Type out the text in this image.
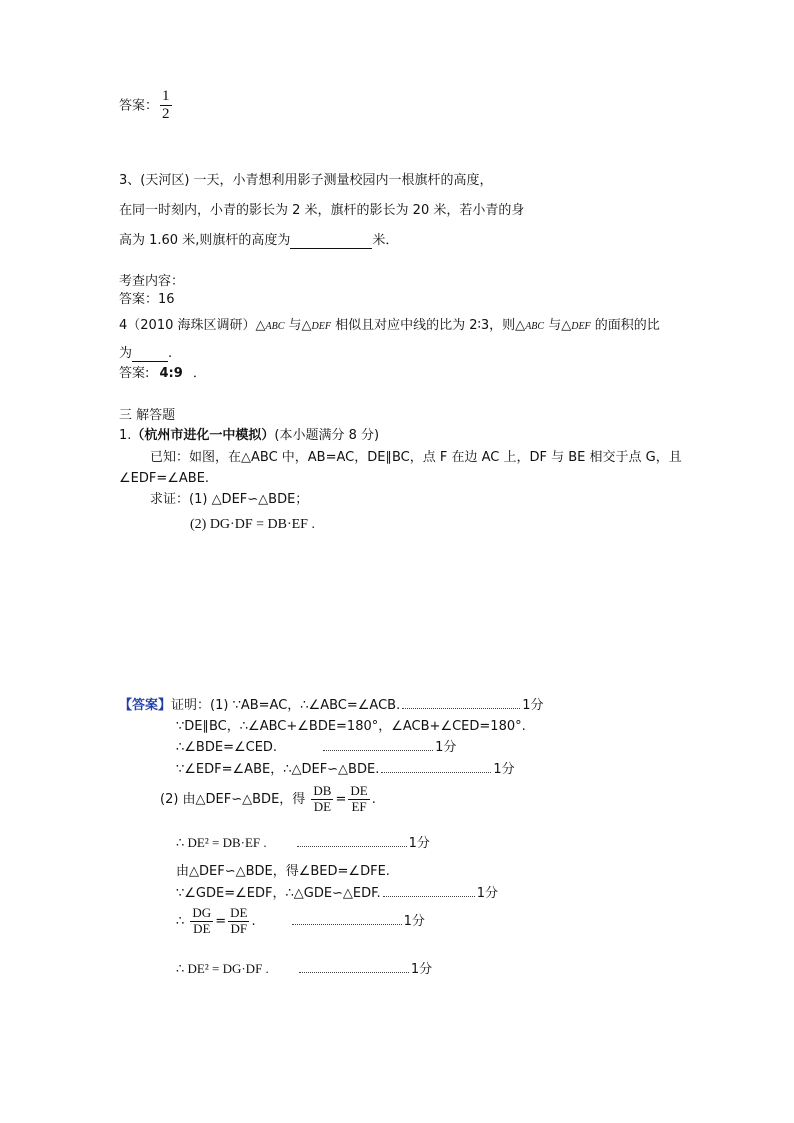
答案： $\frac{1}{2}$
3、(天河区) 一天，小青想利用影子测量校园内一根旗杆的高度，
在同一时刻内，小青的影长为 2 米，旗杆的影长为 20 米，若小青的身
高为 1.60 米,则旗杆的高度为	米．
考查内容：
答案：16
4（2010 海珠区调研）△ABC 与△DEF 相似且对应中线的比为 2∶3，则△ABC 与△DEF 的面积的比
为	.
答案: 4:9 ．
三 解答题
1.（杭州市进化一中模拟）(本小题满分 8 分)
已知：如图，在△ABC 中，AB=AC，DE∥BC，点 F 在边 AC 上，DF 与 BE 相交于点 G，且
∠EDF=∠ABE.
求证：(1) △DEF∽△BDE；
(2) DG·DF = DB·EF .
【答案】证明：(1) ∵AB=AC，∴∠ABC=∠ACB.	1分
∵DE∥BC，∴∠ABC+∠BDE=180°，∠ACB+∠CED=180°.
∴∠BDE=∠CED.	1分
∵∠EDF=∠ABE，∴△DEF∽△BDE.	1分
(2) 由△DEF∽△BDE，得 $\frac{DB}{DE} = \frac{DE}{EF}$ .
∴ DE² = DB·EF .	1分
由△DEF∽△BDE，得∠BED=∠DFE.
∵∠GDE=∠EDF，∴△GDE∽△EDF.	1分
∴ $\frac{DG}{DE} = \frac{DE}{DF}$ .	1分
∴ DE² = DG·DF .	1分
